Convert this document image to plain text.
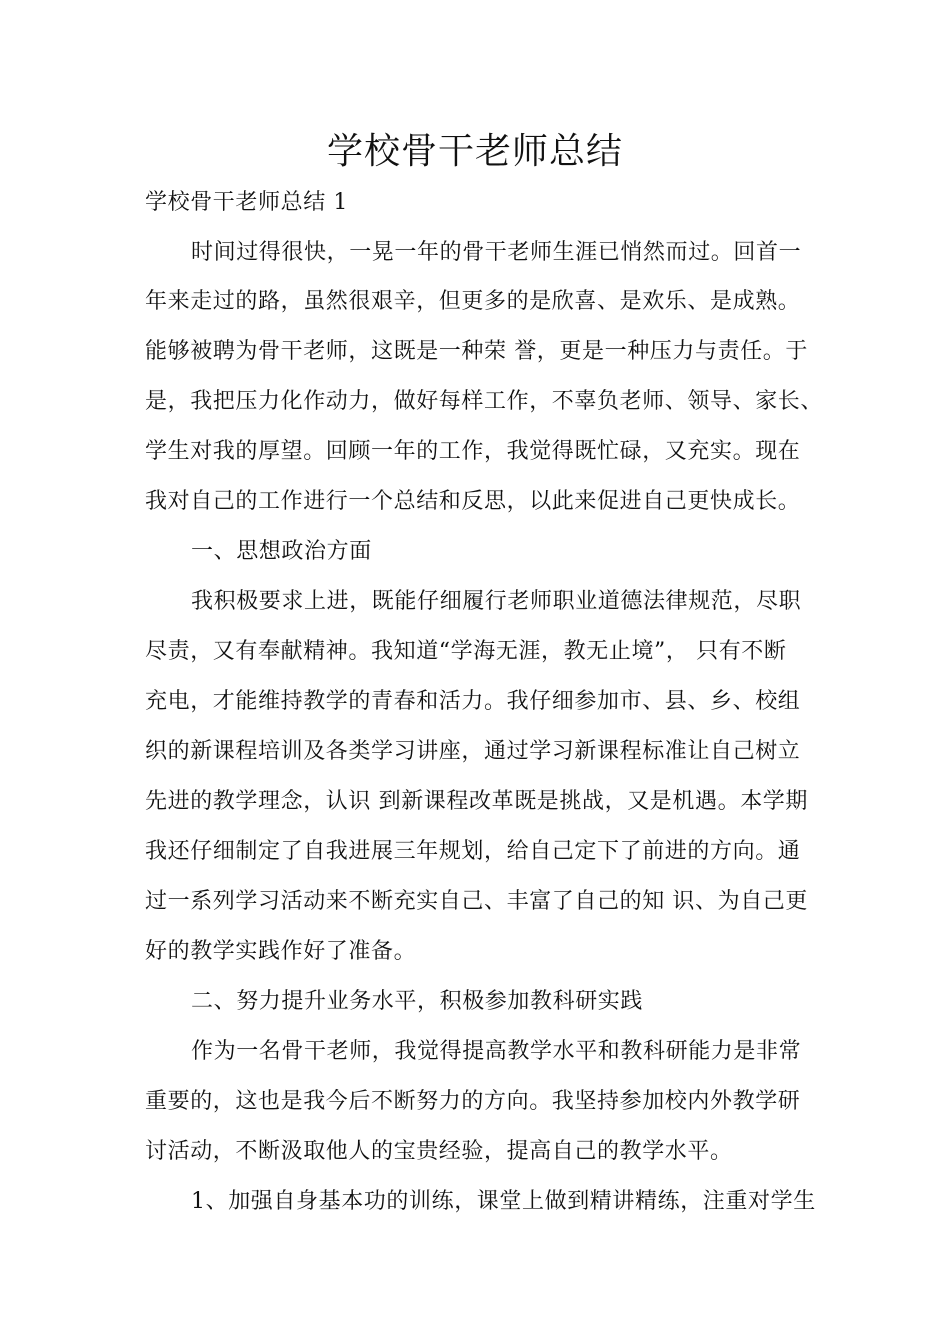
学校骨干老师总结
学校骨干老师总结 1
时间过得很快，一晃一年的骨干老师生涯已悄然而过。回首一
年来走过的路，虽然很艰辛，但更多的是欣喜、是欢乐、是成熟。
能够被聘为骨干老师，这既是一种荣 誉，更是一种压力与责任。于
是，我把压力化作动力，做好每样工作，不辜负老师、领导、家长、
学生对我的厚望。回顾一年的工作，我觉得既忙碌，又充实。现在
我对自己的工作进行一个总结和反思，以此来促进自己更快成长。
一、思想政治方面
我积极要求上进，既能仔细履行老师职业道德法律规范，尽职
尽责，又有奉献精神。我知道“学海无涯，教无止境”， 只有不断
充电，才能维持教学的青春和活力。我仔细参加市、县、乡、校组
织的新课程培训及各类学习讲座，通过学习新课程标准让自己树立
先进的教学理念，认识 到新课程改革既是挑战，又是机遇。本学期
我还仔细制定了自我进展三年规划，给自己定下了前进的方向。通
过一系列学习活动来不断充实自己、丰富了自己的知 识、为自己更
好的教学实践作好了准备。
二、努力提升业务水平，积极参加教科研实践
作为一名骨干老师，我觉得提高教学水平和教科研能力是非常
重要的，这也是我今后不断努力的方向。我坚持参加校内外教学研
讨活动，不断汲取他人的宝贵经验，提高自己的教学水平。
1、加强自身基本功的训练，课堂上做到精讲精练，注重对学生
